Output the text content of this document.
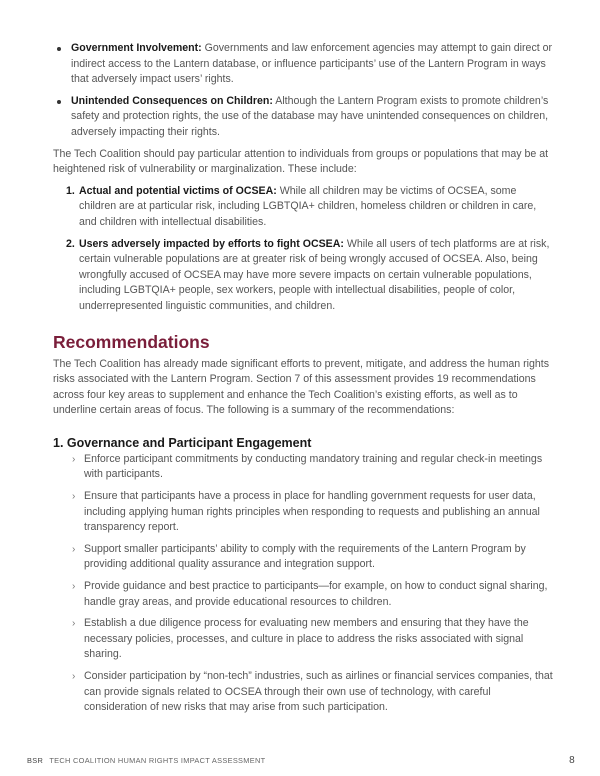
Government Involvement: Governments and law enforcement agencies may attempt to gain direct or indirect access to the Lantern database, or influence participants’ use of the Lantern Program in ways that adversely impact users’ rights.
Unintended Consequences on Children: Although the Lantern Program exists to promote children’s safety and protection rights, the use of the database may have unintended consequences on children, adversely impacting their rights.

The Tech Coalition should pay particular attention to individuals from groups or populations that may be at heightened risk of vulnerability or marginalization. These include:

1. Actual and potential victims of OCSEA: While all children may be victims of OCSEA, some children are at particular risk, including LGBTQIA+ children, homeless children or children in care, and children with intellectual disabilities.
2. Users adversely impacted by efforts to fight OCSEA: While all users of tech platforms are at risk, certain vulnerable populations are at greater risk of being wrongly accused of OCSEA. Also, being wrongfully accused of OCSEA may have more severe impacts on certain vulnerable populations, including LGBTQIA+ people, sex workers, people with intellectual disabilities, people of color, underrepresented linguistic communities, and children.
Recommendations

The Tech Coalition has already made significant efforts to prevent, mitigate, and address the human rights risks associated with the Lantern Program. Section 7 of this assessment provides 19 recommendations across four key areas to supplement and enhance the Tech Coalition’s existing efforts, as well as to underline certain areas of focus. The following is a summary of the recommendations:

1. Governance and Participant Engagement
› Enforce participant commitments by conducting mandatory training and regular check-in meetings with participants.
› Ensure that participants have a process in place for handling government requests for user data, including applying human rights principles when responding to requests and publishing an annual transparency report.
› Support smaller participants’ ability to comply with the requirements of the Lantern Program by providing additional quality assurance and integration support.
› Provide guidance and best practice to participants—for example, on how to conduct signal sharing, handle gray areas, and provide educational resources to children.
› Establish a due diligence process for evaluating new members and ensuring that they have the necessary policies, processes, and culture in place to address the risks associated with signal sharing.
› Consider participation by “non-tech” industries, such as airlines or financial services companies, that can provide signals related to OCSEA through their own use of technology, with careful consideration of new risks that may arise from such participation.
BSR TECH COALITION HUMAN RIGHTS IMPACT ASSESSMENT	8
